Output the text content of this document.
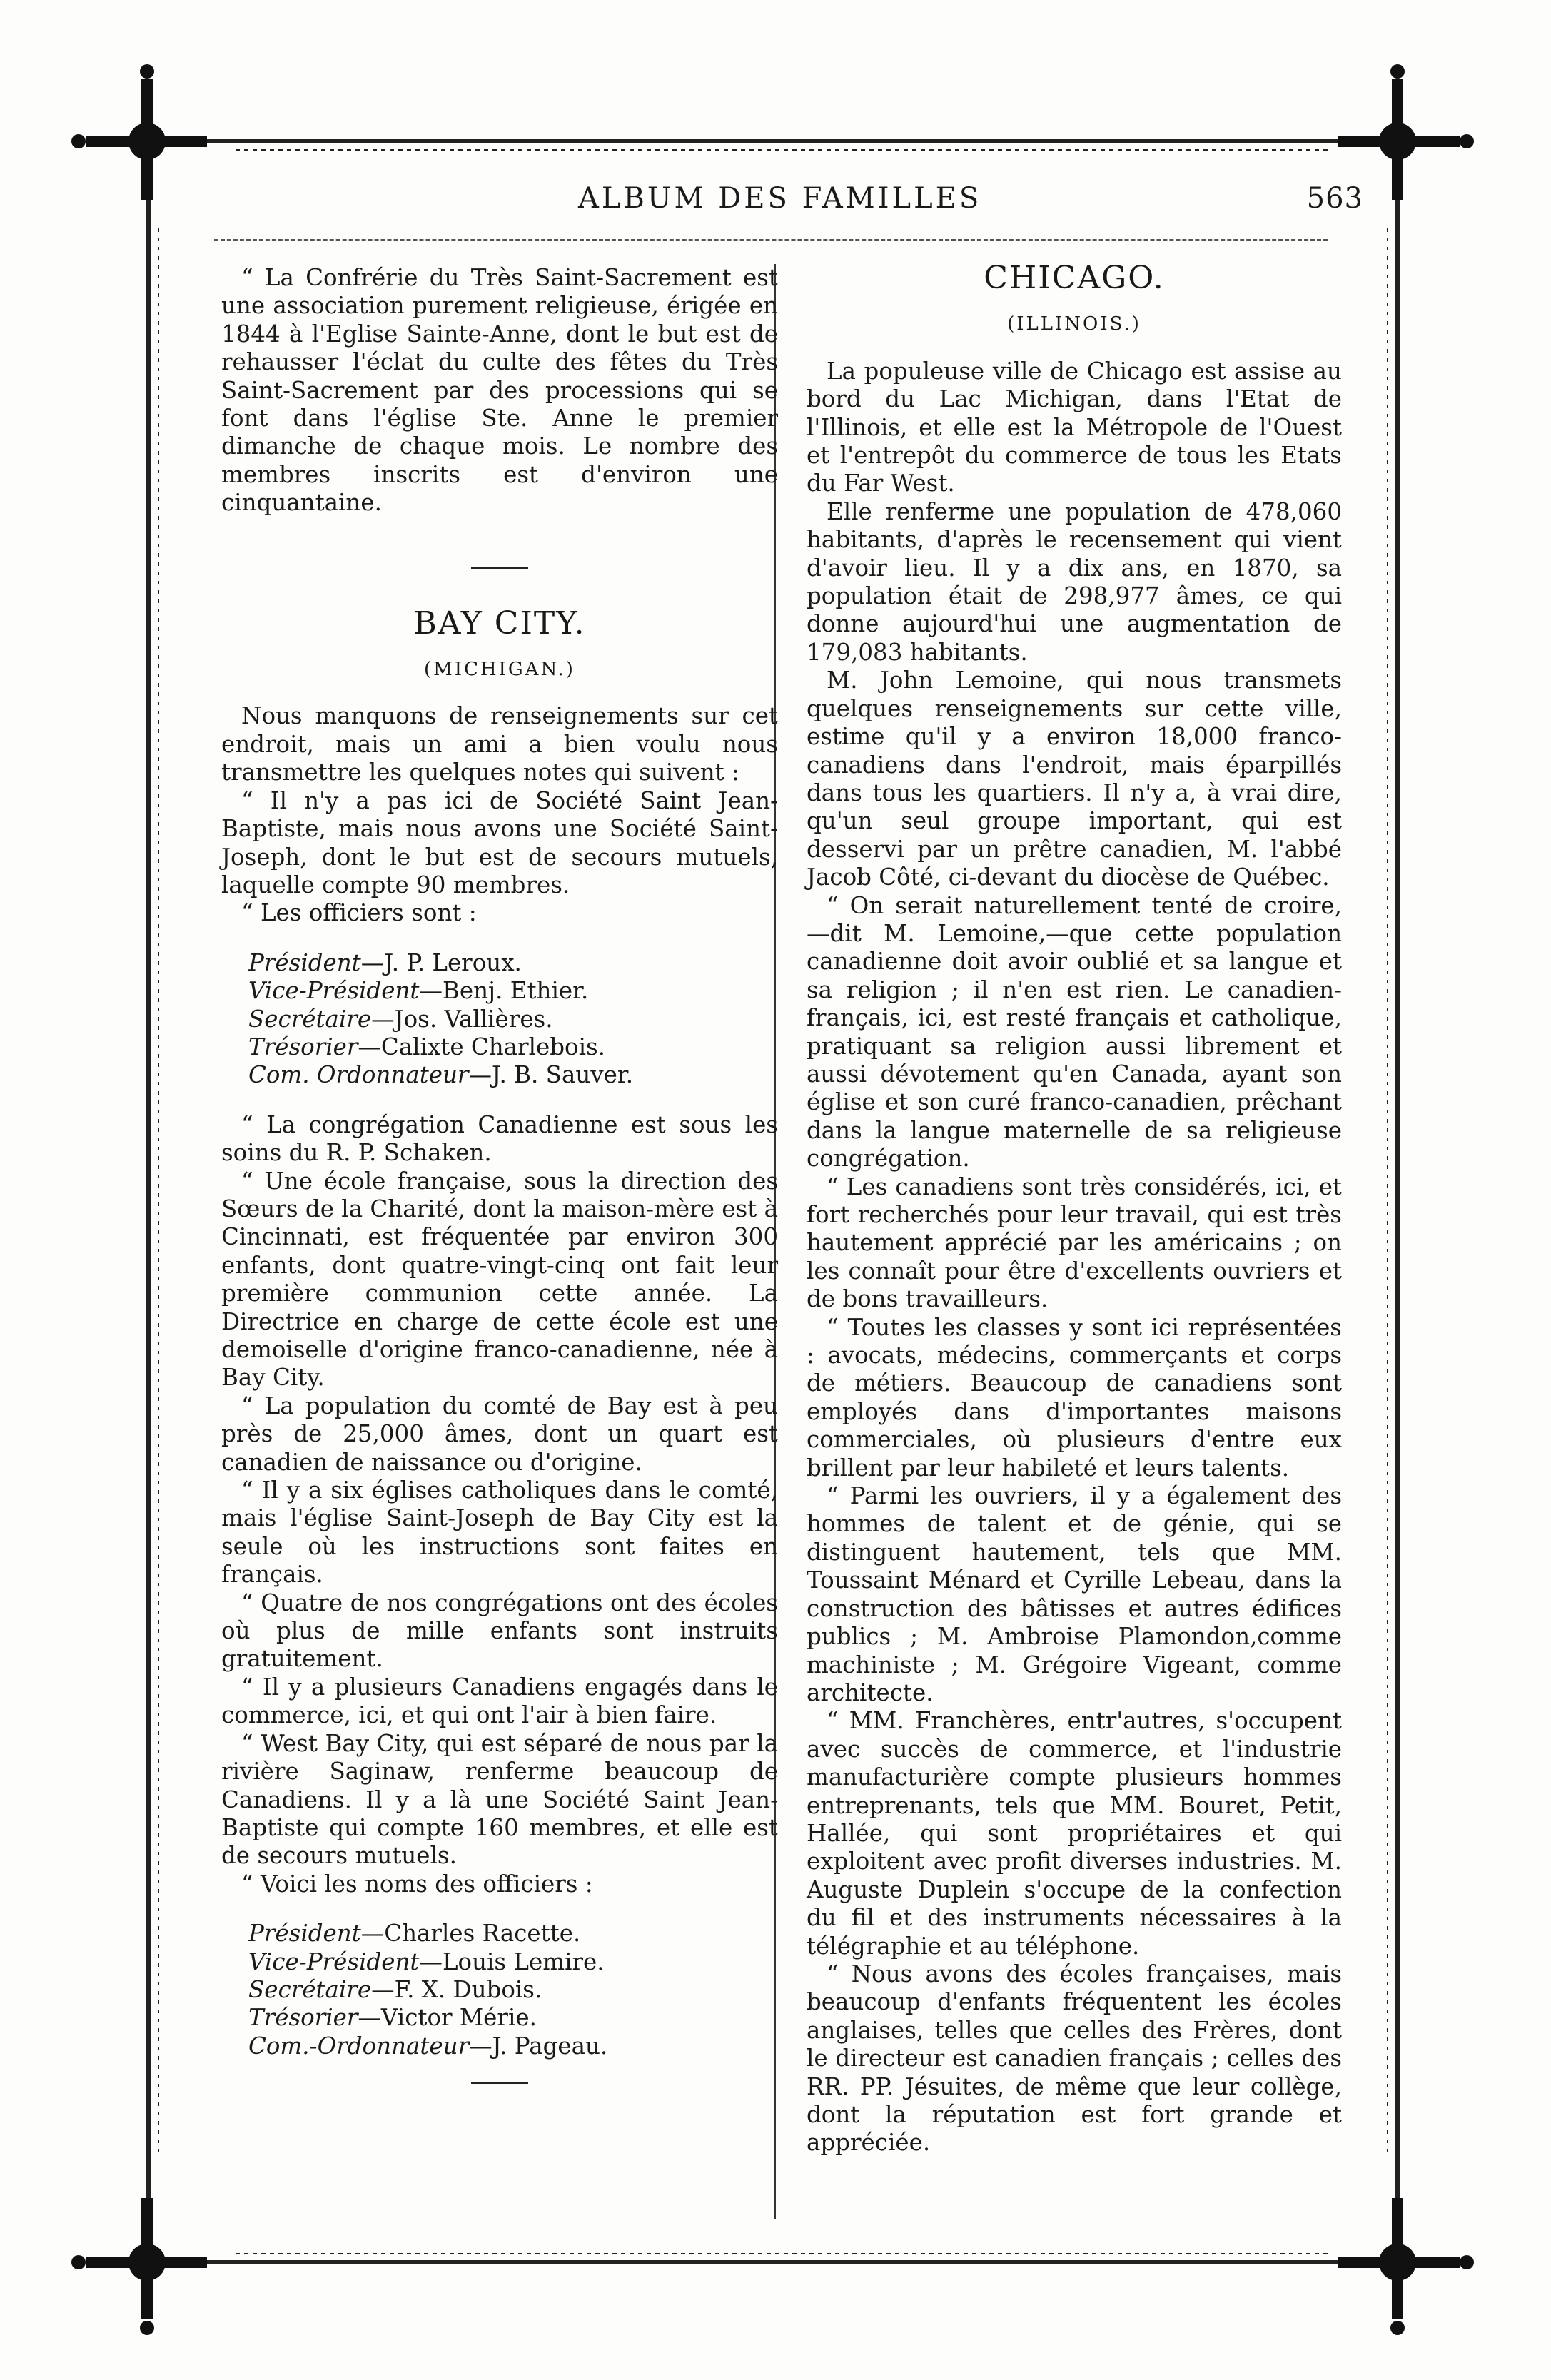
ALBUM DES FAMILLES	563

“ La Confrérie du Très Saint-Sacrement est une association purement religieuse, érigée en 1844 à l'Eglise Sainte-Anne, dont le but est de rehausser l'éclat du culte des fêtes du Très Saint-Sacrement par des processions qui se font dans l'église Ste. Anne le premier dimanche de chaque mois. Le nombre des membres inscrits est d'environ une cinquantaine.

BAY CITY.
(MICHIGAN.)

Nous manquons de renseignements sur cet endroit, mais un ami a bien voulu nous transmettre les quelques notes qui suivent :

“ Il n'y a pas ici de Société Saint Jean-Baptiste, mais nous avons une Société Saint-Joseph, dont le but est de secours mutuels, laquelle compte 90 membres.

“ Les officiers sont :

Président—J. P. Leroux.
Vice-Président—Benj. Ethier.
Secrétaire—Jos. Vallières.
Trésorier—Calixte Charlebois.
Com. Ordonnateur—J. B. Sauver.

“ La congrégation Canadienne est sous les soins du R. P. Schaken.

“ Une école française, sous la direction des Sœurs de la Charité, dont la maison-mère est à Cincinnati, est fréquentée par environ 300 enfants, dont quatre-vingt-cinq ont fait leur première communion cette année. La Directrice en charge de cette école est une demoiselle d'origine franco-canadienne, née à Bay City.

“ La population du comté de Bay est à peu près de 25,000 âmes, dont un quart est canadien de naissance ou d'origine.

“ Il y a six églises catholiques dans le comté, mais l'église Saint-Joseph de Bay City est la seule où les instructions sont faites en français.

“ Quatre de nos congrégations ont des écoles où plus de mille enfants sont instruits gratuitement.

“ Il y a plusieurs Canadiens engagés dans le commerce, ici, et qui ont l'air à bien faire.

“ West Bay City, qui est séparé de nous par la rivière Saginaw, renferme beaucoup de Canadiens. Il y a là une Société Saint Jean-Baptiste qui compte 160 membres, et elle est de secours mutuels.

“ Voici les noms des officiers :

Président—Charles Racette.
Vice-Président—Louis Lemire.
Secrétaire—F. X. Dubois.
Trésorier—Victor Mérie.
Com.-Ordonnateur—J. Pageau.
CHICAGO.
(ILLINOIS.)

La populeuse ville de Chicago est assise au bord du Lac Michigan, dans l'Etat de l'Illinois, et elle est la Métropole de l'Ouest et l'entrepôt du commerce de tous les Etats du Far West.

Elle renferme une population de 478,060 habitants, d'après le recensement qui vient d'avoir lieu. Il y a dix ans, en 1870, sa population était de 298,977 âmes, ce qui donne aujourd'hui une augmentation de 179,083 habitants.

M. John Lemoine, qui nous transmets quelques renseignements sur cette ville, estime qu'il y a environ 18,000 franco-canadiens dans l'endroit, mais éparpillés dans tous les quartiers. Il n'y a, à vrai dire, qu'un seul groupe important, qui est desservi par un prêtre canadien, M. l'abbé Jacob Côté, ci-devant du diocèse de Québec.

“ On serait naturellement tenté de croire, —dit M. Lemoine,—que cette population canadienne doit avoir oublié et sa langue et sa religion ; il n'en est rien. Le canadien-français, ici, est resté français et catholique, pratiquant sa religion aussi librement et aussi dévotement qu'en Canada, ayant son église et son curé franco-canadien, prêchant dans la langue maternelle de sa religieuse congrégation.

“ Les canadiens sont très considérés, ici, et fort recherchés pour leur travail, qui est très hautement apprécié par les américains ; on les connaît pour être d'excellents ouvriers et de bons travailleurs.

“ Toutes les classes y sont ici représentées : avocats, médecins, commerçants et corps de métiers. Beaucoup de canadiens sont employés dans d'importantes maisons commerciales, où plusieurs d'entre eux brillent par leur habileté et leurs talents.

“ Parmi les ouvriers, il y a également des hommes de talent et de génie, qui se distinguent hautement, tels que MM. Toussaint Ménard et Cyrille Lebeau, dans la construction des bâtisses et autres édifices publics ; M. Ambroise Plamondon,comme machiniste ; M. Grégoire Vigeant, comme architecte.

“ MM. Franchères, entr'autres, s'occupent avec succès de commerce, et l'industrie manufacturière compte plusieurs hommes entreprenants, tels que MM. Bouret, Petit, Hallée, qui sont propriétaires et qui exploitent avec profit diverses industries. M. Auguste Duplein s'occupe de la confection du fil et des instruments nécessaires à la télégraphie et au téléphone.

“ Nous avons des écoles françaises, mais beaucoup d'enfants fréquentent les écoles anglaises, telles que celles des Frères, dont le directeur est canadien français ; celles des RR. PP. Jésuites, de même que leur collège, dont la réputation est fort grande et appréciée.
